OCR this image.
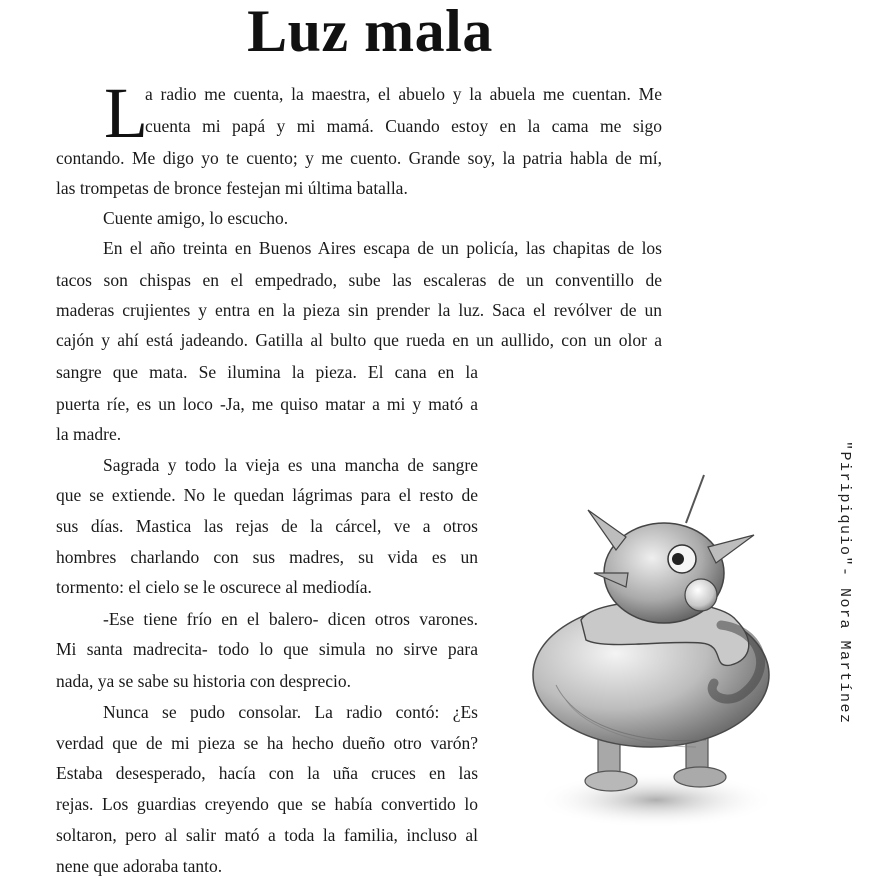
Luz mala
L
a radio me cuenta, la maestra, el abuelo y la abuela me cuentan. Me
cuenta mi papá y mi mamá. Cuando estoy en la cama me sigo
contando. Me digo yo te cuento; y me cuento. Grande soy, la patria habla de mí,
las trompetas de bronce festejan mi última batalla.
Cuente amigo, lo escucho.
En el año treinta en Buenos Aires escapa de un policía, las chapitas de los
tacos son chispas en el empedrado, sube las escaleras de un conventillo de
maderas crujientes y entra en la pieza sin prender la luz. Saca el revólver de un
cajón y ahí está jadeando. Gatilla al bulto que rueda en un aullido, con un olor a
sangre que mata. Se ilumina la pieza. El cana en la
puerta ríe, es un loco -Ja, me quiso matar a mi y mató a
la madre.
Sagrada y todo la vieja es una mancha de sangre
que se extiende. No le quedan lágrimas para el resto de
sus días. Mastica las rejas de la cárcel, ve a otros
hombres charlando con sus madres, su vida es un
tormento: el cielo se le oscurece al mediodía.
-Ese tiene frío en el balero- dicen otros varones.
Mi santa madrecita- todo lo que simula no sirve para
nada, ya se sabe su historia con desprecio.
Nunca se pudo consolar. La radio contó: ¿Es
verdad que de mi pieza se ha hecho dueño otro varón?
Estaba desesperado, hacía con la uña cruces en las
rejas. Los guardias creyendo que se había convertido lo
soltaron, pero al salir mató a toda la familia, incluso al
nene que adoraba tanto.
"Piripiquio"- Nora Martínez
